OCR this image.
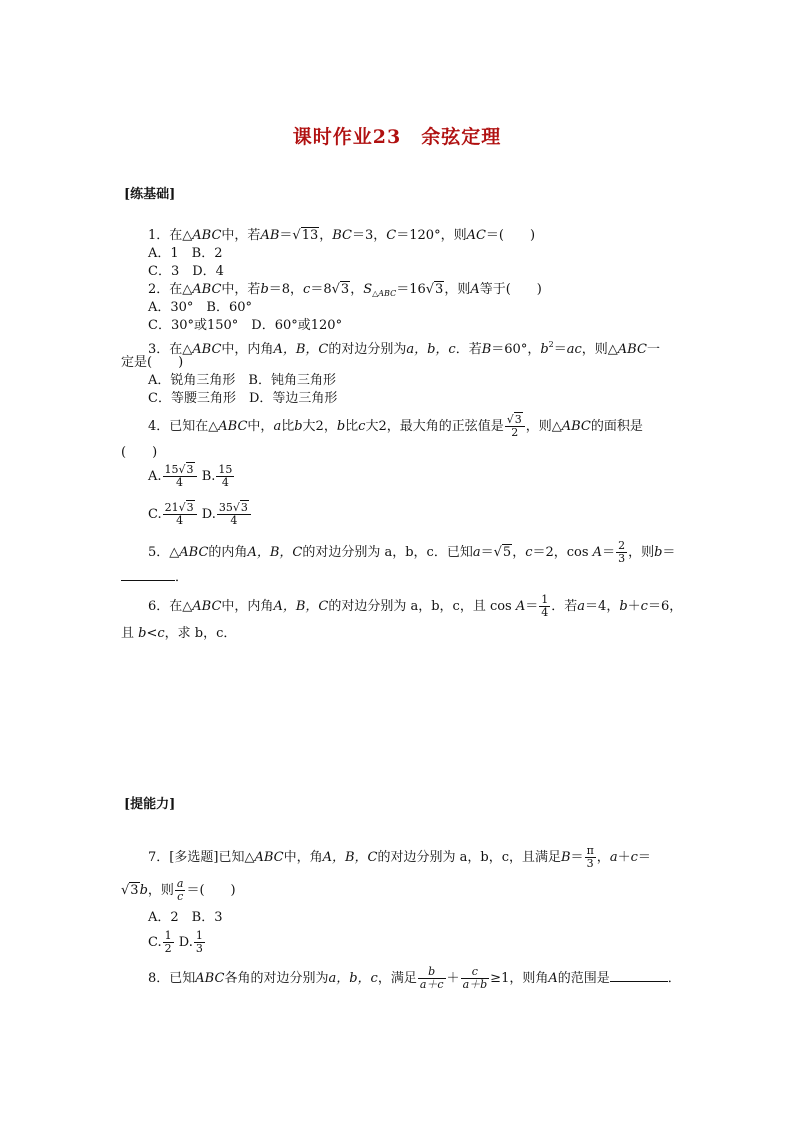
课时作业23　余弦定理
[练基础]
1．在△ABC中，若AB＝√13，BC＝3，C＝120°，则AC＝(　　)
A．1　B．2
C．3　D．4
2．在△ABC中，若b＝8，c＝8√3，$S_{\triangle ABC}=16√3$，则A等于(　　)
A．30°　B．60°
C．30°或150°　D．60°或120°
3．在△ABC中，内角A，B，C的对边分别为a，b，c．若B＝60°，$b^2=ac$，则△ABC一
定是(　　)
A．锐角三角形　B．钝角三角形
C．等腰三角形　D．等边三角形
4．已知在△ABC中，a比b大2，b比c大2，最大角的正弦值是 $\frac{√3}{2}$ ，则△ABC的面积是
(　　)
A. $\frac{15√3}{4} B$. $\frac{15}{4}$
C. $\frac{21√3}{4} D$. $\frac{35√3}{4}$
5．△ABC的内角A，B，C的对边分别为 a，b，c．已知a＝√5，c＝2，$\cos A= \frac{2}{3}$ ，则b＝
．
6．在△ABC中，内角A，B，C的对边分别为 a，b，c，且 $\cos A= \frac{1}{4}$ ．若a＝4，b＋c＝6，
且 b<c，求 b，c．
[提能力]
7．[多选题]已知△ABC中，角A，B，C的对边分别为 a，b，c，且满足$B= \frac{\pi}{3}$ ，a＋c＝
√3b，则 $\frac{a}{c}$ ＝(　　)
A．2　B．3
C. $\frac{1}{2} D$. $\frac{1}{3}$
8．已知ABC各角的对边分别为a，b，c，满足 $\frac{b}{a+c} + \frac{c}{a+b} \ge 1$，则角A的范围是	．
